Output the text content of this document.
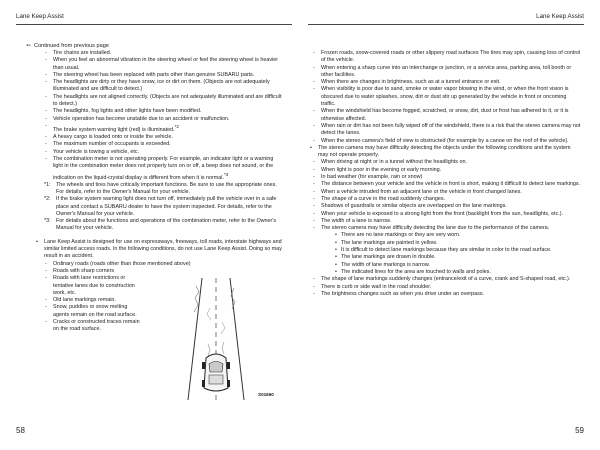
Lane Keep Assist	Lane Keep Assist
➳ Continued from previous page
- Tire chains are installed.
- When you feel an abnormal vibration in the steering wheel or feel the steering wheel is heavier than usual.
- The steering wheel has been replaced with parts other than genuine SUBARU parts.
- The headlights are dirty or they have snow, ice or dirt on them. (Objects are not adequately illuminated and are difficult to detect.)
- The headlights are not aligned correctly. (Objects are not adequately illuminated and are difficult to detect.)
- The headlights, fog lights and other lights have been modified.
- Vehicle operation has become unstable due to an accident or malfunction.
- The brake system warning light (red) is illuminated.$^{*2}$
- A heavy cargo is loaded onto or inside the vehicle.
- The maximum number of occupants is exceeded.
- Your vehicle is towing a vehicle, etc.
- The combination meter is not operating properly. For example, an indicator light or a warning light in the combination meter does not properly turn on or off, a beep does not sound, or the indication on the liquid-crystal display is different from when it is normal.$^{*3}$
*1: The wheels and tires have critically important functions. Be sure to use the appropriate ones.
For details, refer to the Owner's Manual for your vehicle.
*2: If the brake system warning light does not turn off, immediately pull the vehicle over in a safe place and contact a SUBARU dealer to have the system inspected. For details, refer to the Owner's Manual for your vehicle.
*3: For details about the functions and operations of the combination meter, refer to the Owner's Manual for your vehicle.
• Lane Keep Assist is designed for use on expressways, freeways, toll roads, interstate highways and similar limited access roads. In the following conditions, do not use Lane Keep Assist. Doing so may result in an accident.
- Ordinary roads (roads other than those mentioned above)
- Roads with sharp corners
- Roads with lane restrictions or tentative lanes due to construction work, etc.
- Old lane markings remain.
- Snow, puddles or snow melting agents remain on the road surface.
- Cracks or constructed traces remain on the road surface.
S01660
- Frozen roads, snow-covered roads or other slippery road surfaces The tires may spin, causing loss of control of the vehicle.
- When entering a sharp curve into an interchange or junction, or a service area, parking area, toll booth or other facilities.
- When there are changes in brightness, such as at a tunnel entrance or exit.
- When visibility is poor due to sand, smoke or water vapor blowing in the wind, or when the front vision is obscured due to water splashes, snow, dirt or dust stir up generated by the vehicle in front or oncoming traffic.
- When the windshield has become fogged, scratched, or snow, dirt, dust or frost has adhered to it, or it is otherwise affected.
- When rain or dirt has not been fully wiped off of the windshield, there is a risk that the stereo camera may not detect the lanes.
- When the stereo camera's field of view is obstructed (for example by a canoe on the roof of the vehicle).
• The stereo camera may have difficulty detecting the objects under the following conditions and the system may not operate properly.
- When driving at night or in a tunnel without the headlights on.
- When light is poor in the evening or early morning.
- In bad weather (for example, rain or snow)
- The distance between your vehicle and the vehicle in front is short, making it difficult to detect lane markings.
- When a vehicle intruded from an adjacent lane or the vehicle in front changed lanes.
- The shape of a curve in the road suddenly changes.
- Shadows of guardrails or similar objects are overlapped on the lane markings.
- When your vehicle is exposed to a strong light from the front (backlight from the sun, headlights, etc.).
- The width of a lane is narrow.
- The stereo camera may have difficulty detecting the lane due to the performance of the camera.
• There are no lane markings or they are very worn.
• The lane markings are painted in yellow.
• It is difficult to detect lane markings because they are similar in color to the road surface.
• The lane markings are drawn in double.
• The width of lane markings is narrow.
• The indicated lines for the area are touched to walls and poles.
- The shape of lane markings suddenly changes (entrance/exit of a curve, crank and S-shaped road, etc.).
- There is curb or side wall in the road shoulder.
- The brightness changes such as when you drive under an overpass.
58	59
